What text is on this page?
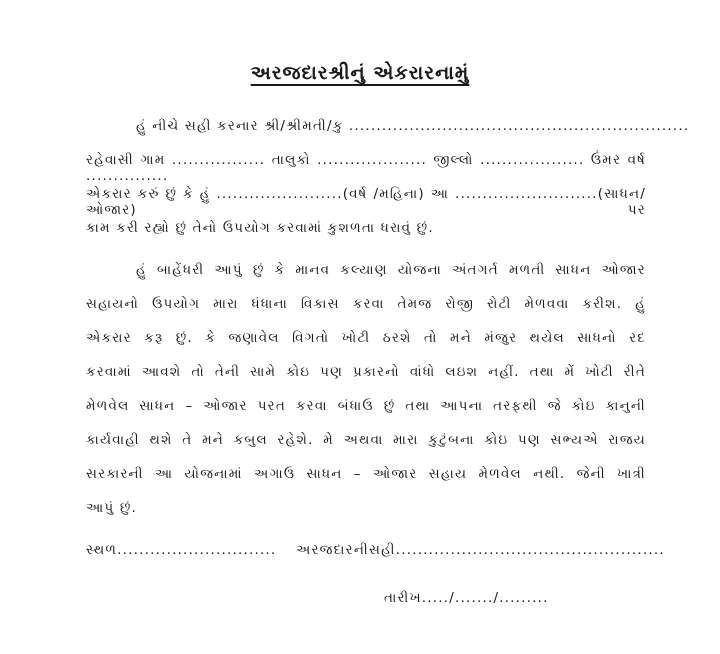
અરજદારશ્રીનું એકરારનામું
હું નીચે સહી કરનાર શ્રી/શ્રીમતી/કુ ..............................................................
રહેવાસી ગામ ................. તાલુકો .................... જીલ્લો ................... ઉંમર વર્ષ ...............
એકરાર કરું છું કે હું .......................(વર્ષ /મહિના) આ ..........................(સાધન/ઓજાર) પર
કામ કરી રહ્યો છું તેનો ઉપયોગ કરવામાં કુશળતા ધરાવું છું.
હું બાહેંધરી આપું છું કે માનવ કલ્યાણ યોજના અંતગર્ત મળતી સાધન ઓજાર
સહાયનો ઉપયોગ મારા ધંધાના વિકાસ કરવા તેમજ રોજી રોટી મેળવવા કરીશ. હું
એકરાર કરૂ છું. કે જણાવેલ વિગતો ખોટી ઠરશે તો મને મંજુર થયેલ સાધનો રદ
કરવામાં આવશે તો તેની સામે કોઇ પણ પ્રકારનો વાંધો લઇશ નહીં. તથા મેં ખોટી રીતે
મેળવેલ સાધન – ઓજાર પરત કરવા બંધાઉ છું તથા આપના તરફથી જે કોઇ કાનુની
કાર્યવાહી થશે તે મને કબુલ રહેશે. મે અથવા મારા કુટુંબના કોઇ પણ સભ્યએ રાજય
સરકારની આ યોજનામાં અગાઉ સાધન – ઓજાર સહાય મેળવેલ નથી. જેની ખાત્રી
આપું છું.
સ્થળ............................. અરજદારનીસહી.................................................
તારીખ...../......./.........
